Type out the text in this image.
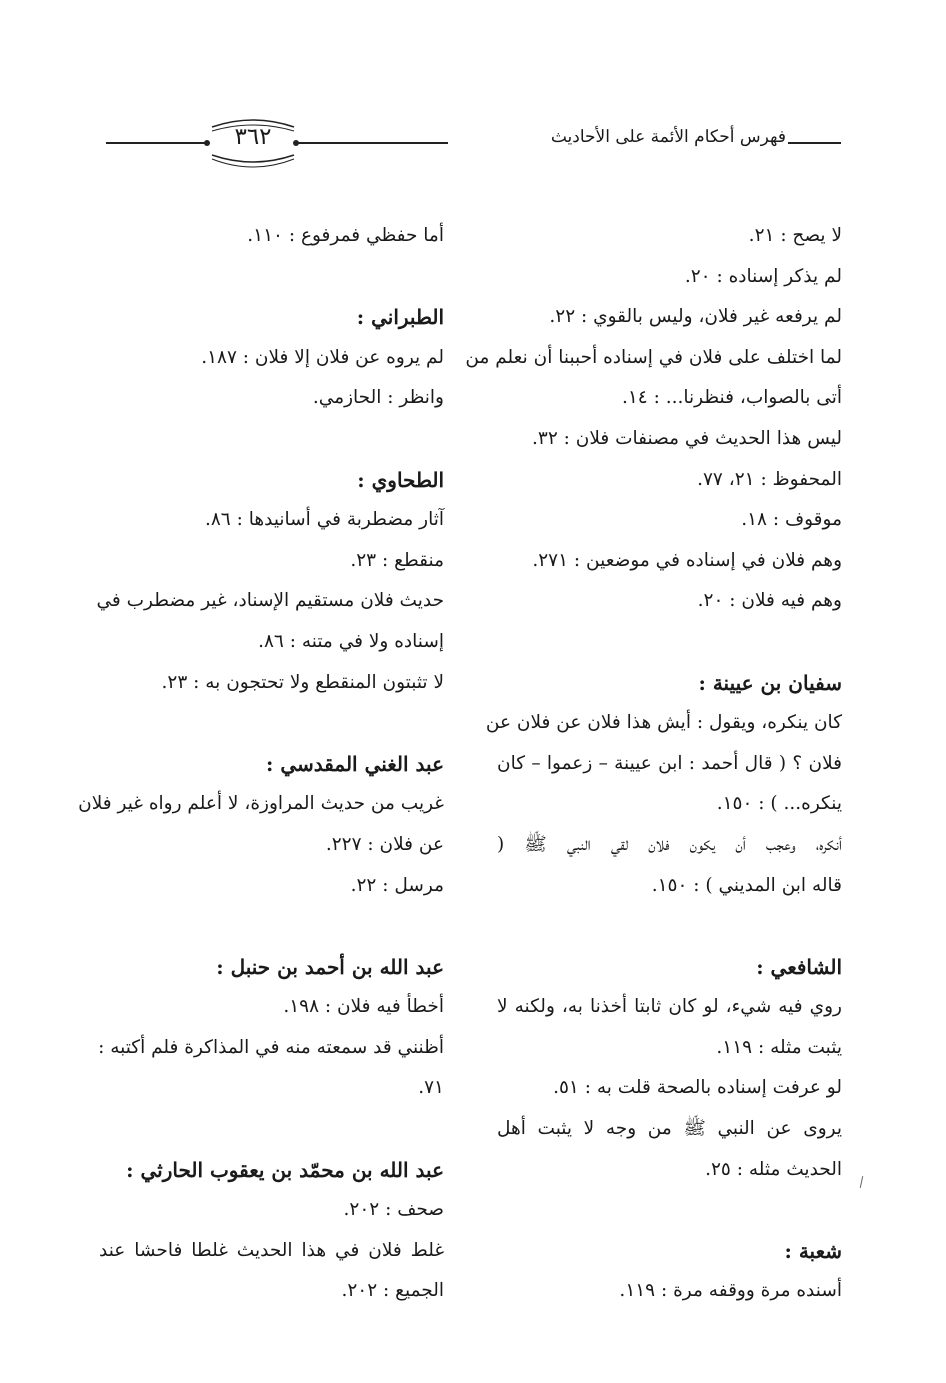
فهرس أحكام الأئمة على الأحاديث
٣٦٢
لا يصح : ٢١.
لم يذكر إسناده : ٢٠.
لم يرفعه غير فلان، وليس بالقوي : ٢٢.
لما اختلف على فلان في إسناده أحببنا أن نعلم من
أتى بالصواب، فنظرنا... : ١٤.
ليس هذا الحديث في مصنفات فلان : ٣٢.
المحفوظ : ٢١، ٧٧.
موقوف : ١٨.
وهم فلان في إسناده في موضعين : ٢٧١.
وهم فيه فلان : ٢٠.
سفيان بن عيينة :
كان ينكره، ويقول : أيش هذا فلان عن فلان عن
فلان ؟ ( قال أحمد : ابن عيينة – زعموا – كان
ينكره... ) : ١٥٠.
أنكره، وعجب أن يكون فلان لقي النبي ﷺ (
قاله ابن المديني ) : ١٥٠.
الشافعي :
روي فيه شيء، لو كان ثابتا أخذنا به، ولكنه لا
يثبت مثله : ١١٩.
لو عرفت إسناده بالصحة قلت به : ٥١.
يروى عن النبي ﷺ من وجه لا يثبت أهل
الحديث مثله : ٢٥.
شعبة :
أسنده مرة ووقفه مرة : ١١٩.
أما حفظي فمرفوع : ١١٠.
الطبراني :
لم يروه عن فلان إلا فلان : ١٨٧.
وانظر : الحازمي.
الطحاوي :
آثار مضطربة في أسانيدها : ٨٦.
منقطع : ٢٣.
حديث فلان مستقيم الإسناد، غير مضطرب في
إسناده ولا في متنه : ٨٦.
لا تثبتون المنقطع ولا تحتجون به : ٢٣.
عبد الغني المقدسي :
غريب من حديث المراوزة، لا أعلم رواه غير فلان
عن فلان : ٢٢٧.
مرسل : ٢٢.
عبد الله بن أحمد بن حنبل :
أخطأ فيه فلان : ١٩٨.
أظنني قد سمعته منه في المذاكرة فلم أكتبه :
٧١.
عبد الله بن محمّد بن يعقوب الحارثي :
صحف : ٢٠٢.
غلط فلان في هذا الحديث غلطا فاحشا عند
الجميع : ٢٠٢.
